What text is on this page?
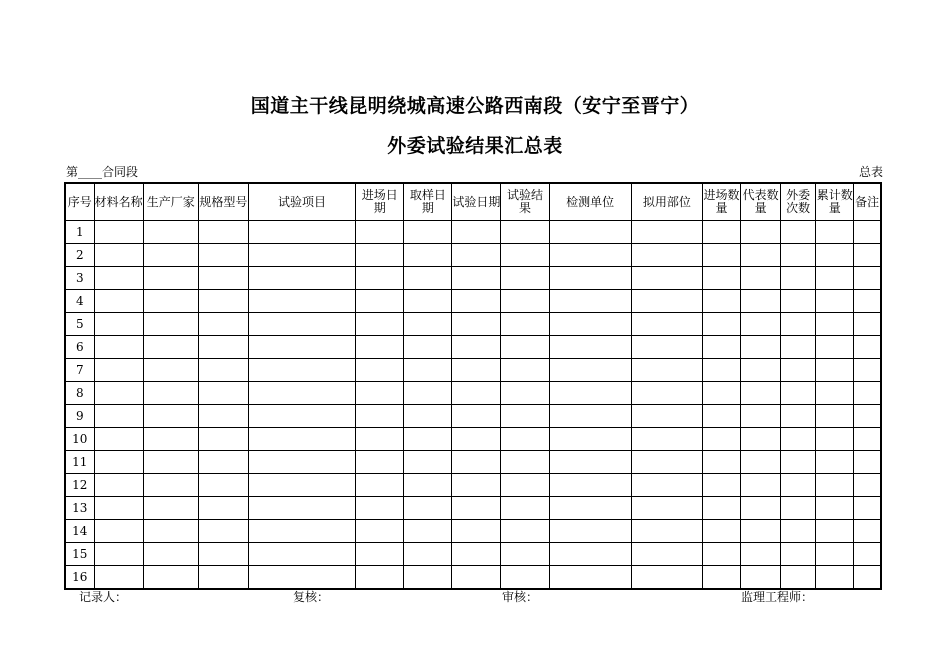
国道主干线昆明绕城高速公路西南段（安宁至晋宁）
外委试验结果汇总表
第____合同段	总表
序号	材料名称	生产厂家	规格型号	试验项目	进场日期	取样日期	试验日期	试验结果	检测单位	拟用部位	进场数量	代表数量	外委次数	累计数量	备注
1															
2															
3															
4															
5															
6															
7															
8															
9															
10															
11															
12															
13															
14															
15															
16															
记录人：	复核：	审核：	监理工程师：
